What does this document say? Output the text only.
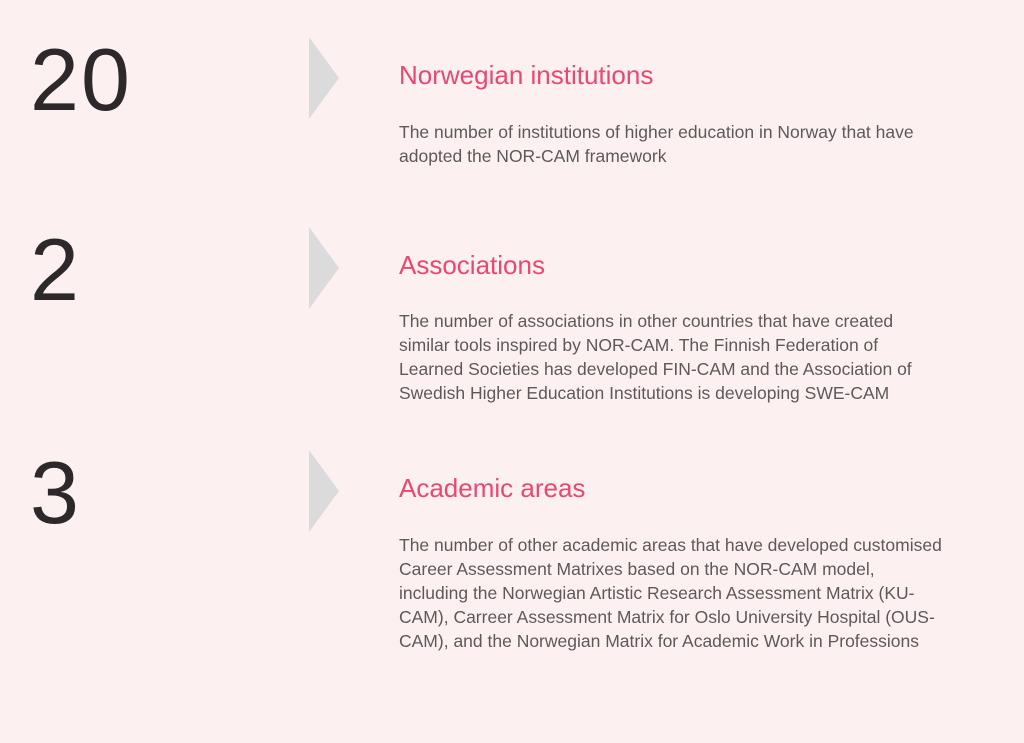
20	Norwegian institutions

The number of institutions of higher education in Norway that have adopted the NOR-CAM framework

2	Associations

The number of associations in other countries that have created similar tools inspired by NOR-CAM. The Finnish Federation of Learned Societies has developed FIN-CAM and the Association of Swedish Higher Education Institutions is developing SWE-CAM

3	Academic areas

The number of other academic areas that have developed customised Career Assessment Matrixes based on the NOR-CAM model, including the Norwegian Artistic Research Assessment Matrix (KU-CAM), Carreer Assessment Matrix for Oslo University Hospital (OUS-CAM), and the Norwegian Matrix for Academic Work in Professions
